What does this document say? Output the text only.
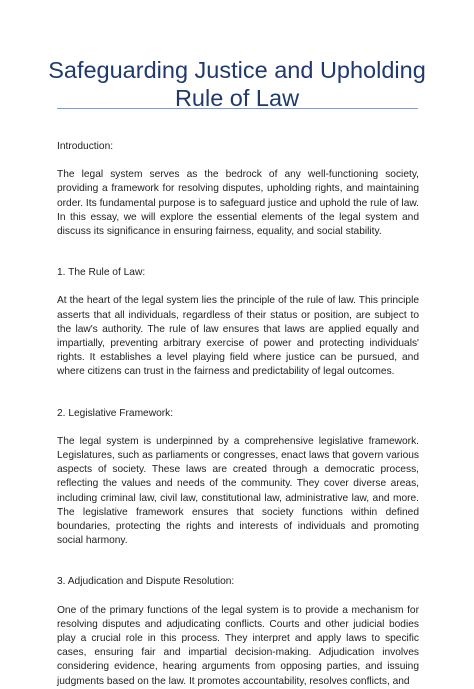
Safeguarding Justice and Upholding Rule of Law

Introduction:

The legal system serves as the bedrock of any well-functioning society, providing a framework for resolving disputes, upholding rights, and maintaining order. Its fundamental purpose is to safeguard justice and uphold the rule of law. In this essay, we will explore the essential elements of the legal system and discuss its significance in ensuring fairness, equality, and social stability.

1. The Rule of Law:

At the heart of the legal system lies the principle of the rule of law. This principle asserts that all individuals, regardless of their status or position, are subject to the law's authority. The rule of law ensures that laws are applied equally and impartially, preventing arbitrary exercise of power and protecting individuals' rights. It establishes a level playing field where justice can be pursued, and where citizens can trust in the fairness and predictability of legal outcomes.

2. Legislative Framework:

The legal system is underpinned by a comprehensive legislative framework. Legislatures, such as parliaments or congresses, enact laws that govern various aspects of society. These laws are created through a democratic process, reflecting the values and needs of the community. They cover diverse areas, including criminal law, civil law, constitutional law, administrative law, and more. The legislative framework ensures that society functions within defined boundaries, protecting the rights and interests of individuals and promoting social harmony.

3. Adjudication and Dispute Resolution:

One of the primary functions of the legal system is to provide a mechanism for resolving disputes and adjudicating conflicts. Courts and other judicial bodies play a crucial role in this process. They interpret and apply laws to specific cases, ensuring fair and impartial decision-making. Adjudication involves considering evidence, hearing arguments from opposing parties, and issuing judgments based on the law. It promotes accountability, resolves conflicts, and
